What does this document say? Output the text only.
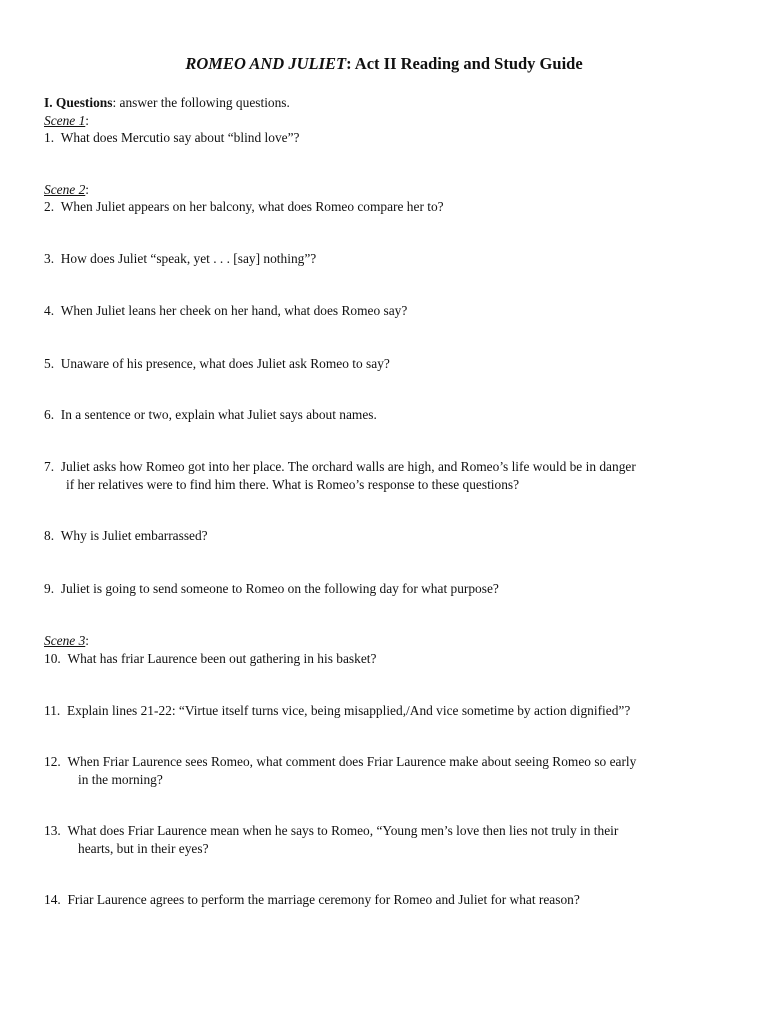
ROMEO AND JULIET: Act II Reading and Study Guide
I. Questions: answer the following questions.
Scene 1:
1. What does Mercutio say about “blind love”?
Scene 2:
2. When Juliet appears on her balcony, what does Romeo compare her to?
3. How does Juliet “speak, yet . . . [say] nothing”?
4. When Juliet leans her cheek on her hand, what does Romeo say?
5. Unaware of his presence, what does Juliet ask Romeo to say?
6. In a sentence or two, explain what Juliet says about names.
7. Juliet asks how Romeo got into her place. The orchard walls are high, and Romeo’s life would be in danger
if her relatives were to find him there. What is Romeo’s response to these questions?
8. Why is Juliet embarrassed?
9. Juliet is going to send someone to Romeo on the following day for what purpose?
Scene 3:
10. What has friar Laurence been out gathering in his basket?
11. Explain lines 21-22: “Virtue itself turns vice, being misapplied,/And vice sometime by action dignified”?
12. When Friar Laurence sees Romeo, what comment does Friar Laurence make about seeing Romeo so early
in the morning?
13. What does Friar Laurence mean when he says to Romeo, “Young men’s love then lies not truly in their
hearts, but in their eyes?
14. Friar Laurence agrees to perform the marriage ceremony for Romeo and Juliet for what reason?
